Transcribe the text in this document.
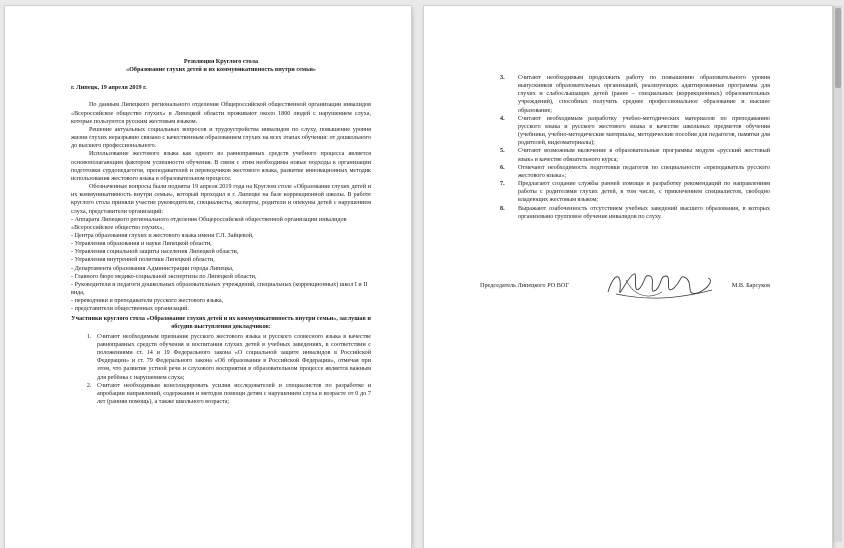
Резолюция Круглого стола
«Образование глухих детей и их коммуникативность внутри семьи»
г. Липецк, 19 апреля 2019 г.

По данным Липецкого регионального отделения Общероссийской общественной организации инвалидов «Всероссийское общество глухих» в Липецкой области проживают около 1800 людей с нарушением слуха, которые пользуются русским жестовым языком.

Решение актуальных социальных вопросов и трудоустройства инвалидов по слуху, повышение уровня жизни глухих неразрывно связано с качественным образованием глухих на всех этапах обучения: от дошкольного до высшего профессионального.

Использование жестового языка как одного из равноправных средств учебного процесса является основополагающим фактором успешности обучения. В связи с этим необходимы новые подходы к организации подготовки сурдопедагогов, преподавателей и переводчиков жестового языка, развитие инновационных методик использования жестового языка в образовательном процессе.

Обозначенные вопросы были подняты 19 апреля 2019 года на Круглом столе «Образование глухих детей и их коммуникативность внутри семьи», который проходил в г. Липецке на базе коррекционной школы. В работе круглого стола приняли участие руководители, специалисты, эксперты, родители и опекуны детей с нарушением слуха, представители организаций:

- Аппарата Липецкого регионального отделения Общероссийской общественной организации инвалидов «Всероссийское общество глухих»,
- Центра образования глухих и жестового языка имени Г.Л. Зайцевой,
- Управления образования и науки Липецкой области,
- Управления социальной защиты населения Липецкой области,
- Управления внутренней политики Липецкой области,
- Департамента образования Администрации города Липецка,
- Главного бюро медико-социальной экспертизы по Липецкой области,
- Руководители и педагоги дошкольных образовательных учреждений, специальных (коррекционных) школ I и II вида,
- переводчики и преподаватели русского жестового языка,
- представители общественных организаций.
Участники круглого стола «Образование глухих детей и их коммуникативность внутри семьи», заслушав и обсудив выступления докладчиков:
1. Считают необходимым признание русского жестового языка и русского словесного языка в качестве равноправных средств обучения и воспитания глухих детей в учебных заведениях, в соответствии с положениями ст. 14 и 19 Федерального закона «О социальной защите инвалидов в Российской Федерации» и ст. 79 Федерального закона «Об образовании в Российской Федерации», отмечая при этом, что развитие устной речи и слухового восприятия в образовательном процессе является важным для ребёнка с нарушением слуха;
2. Считают необходимым консолидировать усилия исследователей и специалистов по разработке и апробации направлений, содержания и методов помощи детям с нарушением слуха в возрасте от 0 до 7 лет (ранняя помощь), а также школьного возраста;
3.	Считают необходимым продолжить работу по повышению образовательного уровня выпускников образовательных организаций, реализующих адаптированные программы для глухих и слабослышащих детей (ранее – специальных (коррекционных) образовательных учреждений), способных получить среднее профессиональное образование и высшее образование;
4.	Считают необходимым разработку учебно-методических материалов по преподаванию русского языка и русского жестового языка в качестве школьных предметов обучения (учебники, учебно-методические материалы, методические пособия для педагогов, памятки для родителей, видеоматериалы);
5.	Считают возможным включение в образовательные программы модуля «русский жестовый язык» в качестве обязательного курса;
6.	Отмечают необходимость подготовки педагогов по специальности «преподаватель русского жестового языка»;
7.	Предлагают создание службы ранней помощи и разработку рекомендаций по направлениям работы с родителями глухих детей, в том числе, с привлечением специалистов, свободно владеющих жестовым языком;
8.	Выражают озабоченность отсутствием учебных заведений высшего образования, в которых организовано групповое обучение инвалидов по слуху.
Председатель Липецкого РО ВОГ	М.В. Барсуков
